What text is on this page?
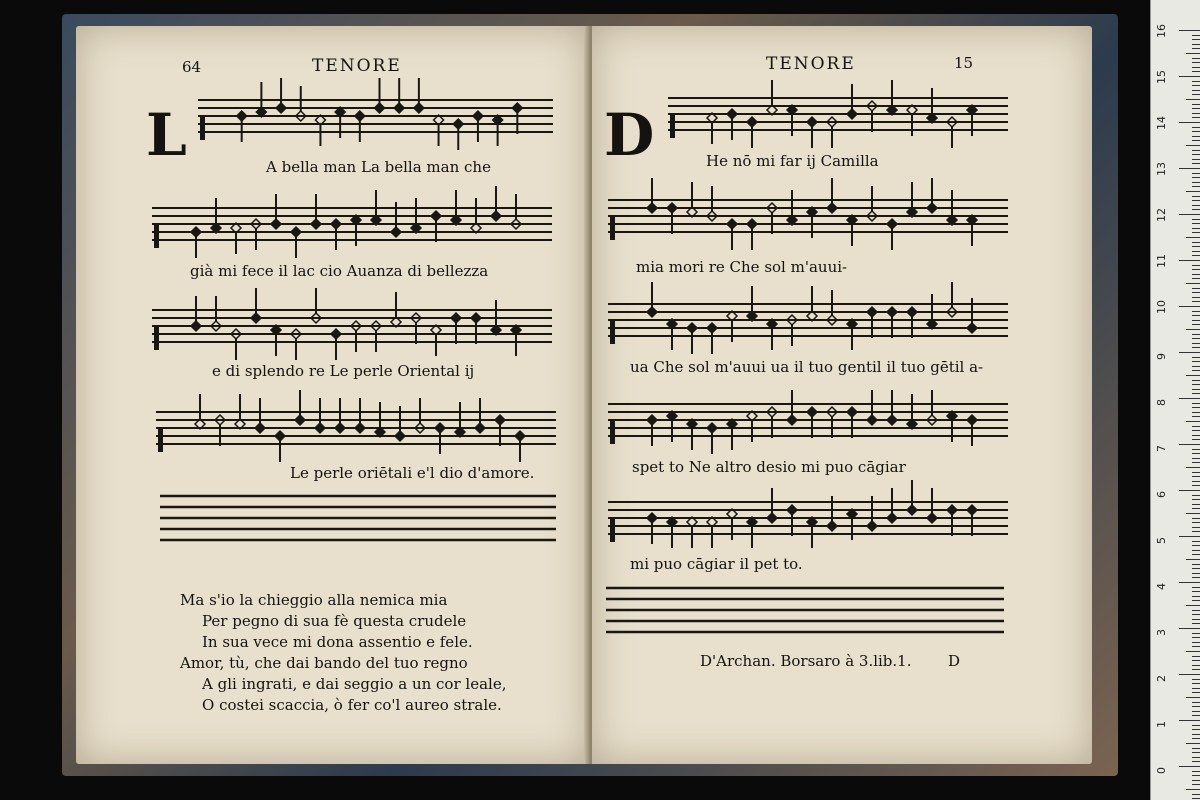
64	TENORE
L	A bella man La bella man che
già mi fece il lac cio Auanza di bellezza
e di splendo re Le perle Oriental ij
Le perle oriētali e'l dio d'amore.
Ma s'io la chieggio alla nemica mia
Per pegno di sua fè questa crudele
In sua vece mi dona assentio e fele.
Amor, tù, che dai bando del tuo regno
A gli ingrati, e dai seggio a un cor leale,
O costei scaccia, ò fer co'l aureo strale.
TENORE	15
D	He nō mi far ij Camilla
mia mori re Che sol m'auui-
ua Che sol m'auui ua il tuo gentil il tuo gētil a-
spet to Ne altro desio mi puo cāgiar
mi puo cāgiar il pet to.
D'Archan. Borsaro à 3.lib.1. D
16
15
14
13
12
11
10
9
8
7
6
5
4
3
2
1
0
